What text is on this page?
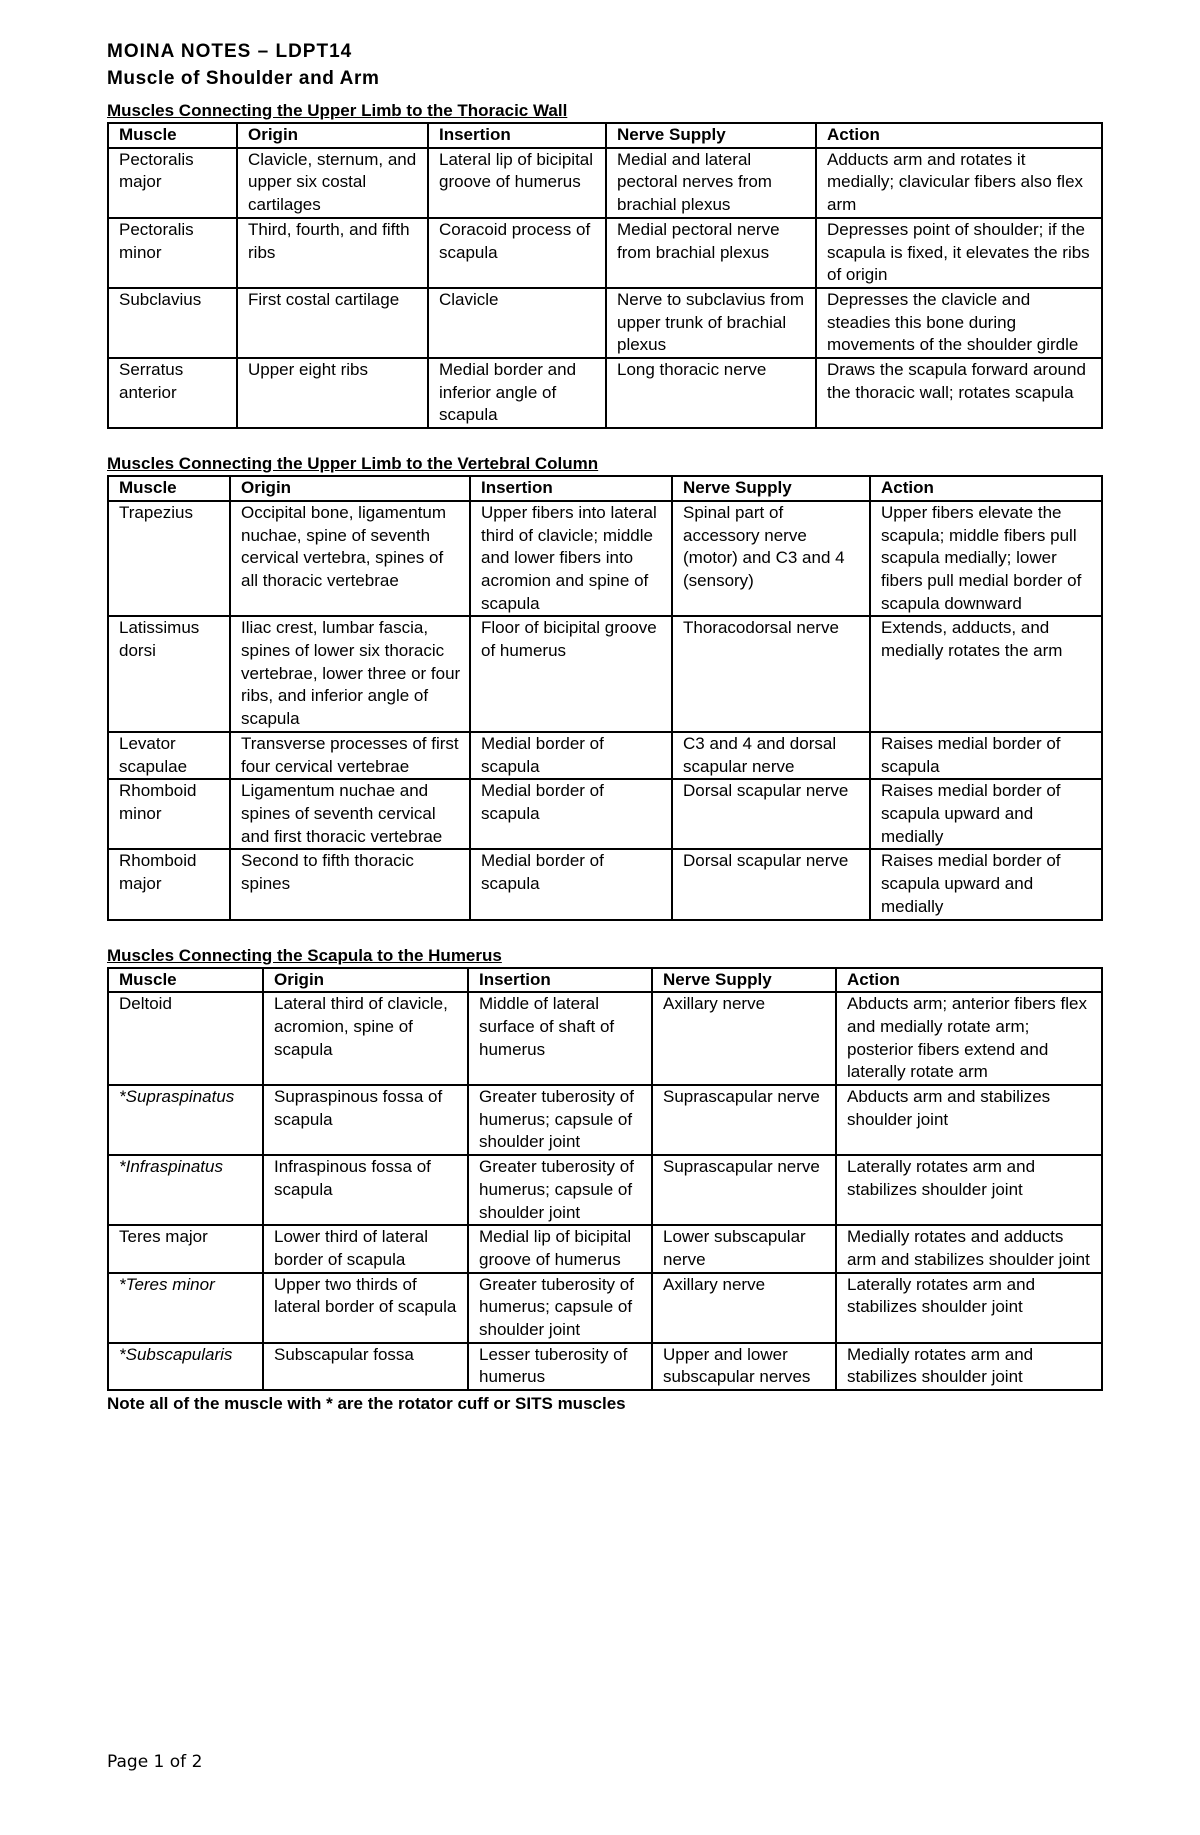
MOINA NOTES – LDPT14

Muscle of Shoulder and Arm

Muscles Connecting the Upper Limb to the Thoracic Wall

Muscle	Origin	Insertion	Nerve Supply	Action
Pectoralis major	Clavicle, sternum, and upper six costal cartilages	Lateral lip of bicipital groove of humerus	Medial and lateral pectoral nerves from brachial plexus	Adducts arm and rotates it medially; clavicular fibers also flex arm
Pectoralis minor	Third, fourth, and fifth ribs	Coracoid process of scapula	Medial pectoral nerve from brachial plexus	Depresses point of shoulder; if the scapula is fixed, it elevates the ribs of origin
Subclavius	First costal cartilage	Clavicle	Nerve to subclavius from upper trunk of brachial plexus	Depresses the clavicle and steadies this bone during movements of the shoulder girdle
Serratus anterior	Upper eight ribs	Medial border and inferior angle of scapula	Long thoracic nerve	Draws the scapula forward around the thoracic wall; rotates scapula

Muscles Connecting the Upper Limb to the Vertebral Column

Muscle	Origin	Insertion	Nerve Supply	Action
Trapezius	Occipital bone, ligamentum nuchae, spine of seventh cervical vertebra, spines of all thoracic vertebrae	Upper fibers into lateral third of clavicle; middle and lower fibers into acromion and spine of scapula	Spinal part of accessory nerve (motor) and C3 and 4 (sensory)	Upper fibers elevate the scapula; middle fibers pull scapula medially; lower fibers pull medial border of scapula downward
Latissimus dorsi	Iliac crest, lumbar fascia, spines of lower six thoracic vertebrae, lower three or four ribs, and inferior angle of scapula	Floor of bicipital groove of humerus	Thoracodorsal nerve	Extends, adducts, and medially rotates the arm
Levator scapulae	Transverse processes of first four cervical vertebrae	Medial border of scapula	C3 and 4 and dorsal scapular nerve	Raises medial border of scapula
Rhomboid minor	Ligamentum nuchae and spines of seventh cervical and first thoracic vertebrae	Medial border of scapula	Dorsal scapular nerve	Raises medial border of scapula upward and medially
Rhomboid major	Second to fifth thoracic spines	Medial border of scapula	Dorsal scapular nerve	Raises medial border of scapula upward and medially

Muscles Connecting the Scapula to the Humerus

Muscle	Origin	Insertion	Nerve Supply	Action
Deltoid	Lateral third of clavicle, acromion, spine of scapula	Middle of lateral surface of shaft of humerus	Axillary nerve	Abducts arm; anterior fibers flex and medially rotate arm; posterior fibers extend and laterally rotate arm
*Supraspinatus	Supraspinous fossa of scapula	Greater tuberosity of humerus; capsule of shoulder joint	Suprascapular nerve	Abducts arm and stabilizes shoulder joint
*Infraspinatus	Infraspinous fossa of scapula	Greater tuberosity of humerus; capsule of shoulder joint	Suprascapular nerve	Laterally rotates arm and stabilizes shoulder joint
Teres major	Lower third of lateral border of scapula	Medial lip of bicipital groove of humerus	Lower subscapular nerve	Medially rotates and adducts arm and stabilizes shoulder joint
*Teres minor	Upper two thirds of lateral border of scapula	Greater tuberosity of humerus; capsule of shoulder joint	Axillary nerve	Laterally rotates arm and stabilizes shoulder joint
*Subscapularis	Subscapular fossa	Lesser tuberosity of humerus	Upper and lower subscapular nerves	Medially rotates arm and stabilizes shoulder joint

Note all of the muscle with * are the rotator cuff or SITS muscles

Page 1 of 2
